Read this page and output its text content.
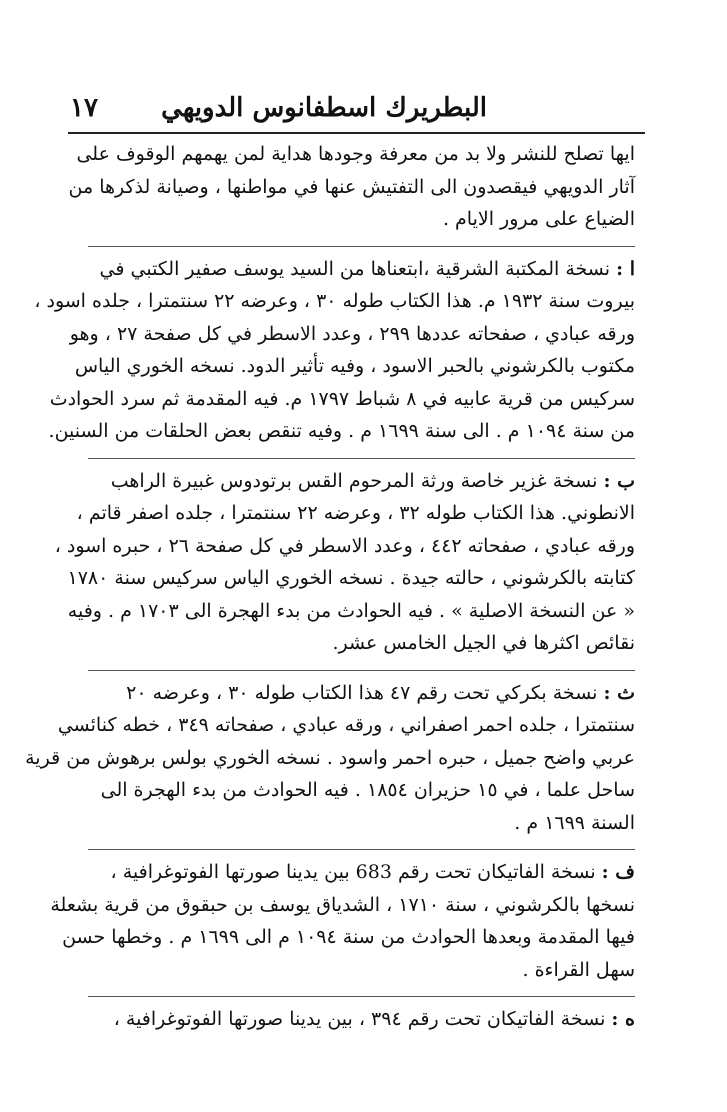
البطريرك اسطفانوس الدويهي
١٧

ايها تصلح للنشر ولا بد من معرفة وجودها هداية لمن يهمهم الوقوف على
آثار الدويهي فيقصدون الى التفتيش عنها في مواطنها ، وصيانة لذكرها من
الضياع على مرور الايام .

ا : نسخة المكتبة الشرقية ،ابتعناها من السيد يوسف صفير الكتبي في
بيروت سنة ١٩٣٢ م. هذا الكتاب طوله ٣٠ ، وعرضه ٢٢ سنتمترا ، جلده اسود ،
ورقه عبادي ، صفحاته عددها ٢٩٩ ، وعدد الاسطر في كل صفحة ٢٧ ، وهو
مكتوب بالكرشوني بالحبر الاسود ، وفيه تأثير الدود. نسخه الخوري الياس
سركيس من قرية عابيه في ٨ شباط ١٧٩٧ م. فيه المقدمة ثم سرد الحوادث
من سنة ١٠٩٤ م . الى سنة ١٦٩٩ م . وفيه تنقص بعض الحلقات من السنين.

ب : نسخة غزير خاصة ورثة المرحوم القس برتودوس غبيرة الراهب
الانطوني. هذا الكتاب طوله ٣٢ ، وعرضه ٢٢ سنتمترا ، جلده اصفر قاتم ،
ورقه عبادي ، صفحاته ٤٤٢ ، وعدد الاسطر في كل صفحة ٢٦ ، حبره اسود ،
كتابته بالكرشوني ، حالته جيدة . نسخه الخوري الياس سركيس سنة ١٧٨٠
« عن النسخة الاصلية » . فيه الحوادث من بدء الهجرة الى ١٧٠٣ م . وفيه
نقائص اكثرها في الجيل الخامس عشر.

ث : نسخة بكركي تحت رقم ٤٧ هذا الكتاب طوله ٣٠ ، وعرضه ٢٠
سنتمترا ، جلده احمر اصفراني ، ورقه عبادي ، صفحاته ٣٤٩ ، خطه كنائسي
عربي واضح جميل ، حبره احمر واسود . نسخه الخوري بولس برهوش من قرية
ساحل علما ، في ١٥ حزيران ١٨٥٤ . فيه الحوادث من بدء الهجرة الى
السنة ١٦٩٩ م .

ف : نسخة الفاتيكان تحت رقم 683 بين يدينا صورتها الفوتوغرافية ،
نسخها بالكرشوني ، سنة ١٧١٠ ، الشدياق يوسف بن حبقوق من قرية بشعلة
فيها المقدمة وبعدها الحوادث من سنة ١٠٩٤ م الى ١٦٩٩ م . وخطها حسن
سهل القراءة .

ه : نسخة الفاتيكان تحت رقم ٣٩٤ ، بين يدينا صورتها الفوتوغرافية ،
